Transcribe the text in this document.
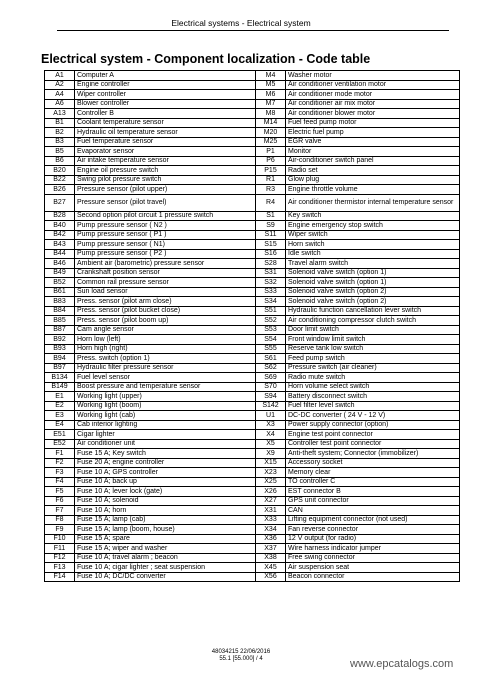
Electrical systems - Electrical system
Electrical system - Component localization - Code table
A1	Computer A	M4	Washer motor
A2	Engine controller	M5	Air conditioner ventilation motor
A4	Wiper controller	M6	Air conditioner mode motor
A6	Blower controller	M7	Air conditioner air mix motor
A13	Controller B	M8	Air conditioner blower motor
B1	Coolant temperature sensor	M14	Fuel feed pump motor
B2	Hydraulic oil temperature sensor	M20	Electric fuel pump
B3	Fuel temperature sensor	M25	EGR valve
B5	Evaporator sensor	P1	Monitor
B6	Air intake temperature sensor	P6	Air-conditioner switch panel
B20	Engine oil pressure switch	P15	Radio set
B22	Swing pilot pressure switch	R1	Glow plug
B26	Pressure sensor (pilot upper)	R3	Engine throttle volume
B27	Pressure sensor (pilot travel)	R4	Air conditioner thermistor internal temperature sensor
B28	Second option pilot circuit 1 pressure switch	S1	Key switch
B40	Pump pressure sensor ( N2 )	S9	Engine emergency stop switch
B42	Pump pressure sensor ( P1 )	S11	Wiper switch
B43	Pump pressure sensor ( N1)	S15	Horn switch
B44	Pump pressure sensor ( P2 )	S16	Idle switch
B46	Ambient air (barometric) pressure sensor	S28	Travel alarm switch
B49	Crankshaft position sensor	S31	Solenoid valve switch (option 1)
B52	Common rail pressure sensor	S32	Solenoid valve switch (option 1)
B61	Sun load sensor	S33	Solenoid valve switch (option 2)
B83	Press. sensor (pilot arm close)	S34	Solenoid valve switch (option 2)
B84	Press. sensor (pilot bucket close)	S51	Hydraulic function cancellation lever switch
B85	Press. sensor (pilot boom up)	S52	Air conditioning compressor clutch switch
B87	Cam angle sensor	S53	Door limit switch
B92	Horn low (left)	S54	Front window limit switch
B93	Horn high (right)	S55	Reserve tank low switch
B94	Press. switch (option 1)	S61	Feed pump switch
B97	Hydraulic filter pressure sensor	S62	Pressure switch (air cleaner)
B134	Fuel level sensor	S69	Radio mute switch
B149	Boost pressure and temperature sensor	S70	Horn volume select switch
E1	Working light (upper)	S94	Battery disconnect switch
E2	Working light (boom)	S142	Fuel filter level switch
E3	Working light (cab)	U1	DC-DC converter ( 24 V - 12 V)
E4	Cab interior lighting	X3	Power supply connector (option)
E51	Cigar lighter	X4	Engine test point connector
E52	Air conditioner unit	X5	Controller test point connector
F1	Fuse 15 A; Key switch	X9	Anti-theft system; Connector (immobilizer)
F2	Fuse 20 A; engine controller	X15	Accessory socket
F3	Fuse 10 A; GPS controller	X23	Memory clear
F4	Fuse 10 A; back up	X25	TO controller C
F5	Fuse 10 A; lever lock (gate)	X26	EST connector B
F6	Fuse 10 A; solenoid	X27	GPS unit connector
F7	Fuse 10 A; horn	X31	CAN
F8	Fuse 15 A; lamp (cab)	X33	Lifting equipment connector (not used)
F9	Fuse 15 A; lamp (boom, house)	X34	Fan reverse connector
F10	Fuse 15 A; spare	X36	12 V output (for radio)
F11	Fuse 15 A; wiper and washer	X37	Wire harness indicator jumper
F12	Fuse 10 A; travel alarm ; beacon	X38	Free swing connector
F13	Fuse 10 A; cigar lighter ; seat suspension	X45	Air suspension seat
F14	Fuse 10 A; DC/DC converter	X56	Beacon connector
48034215 22/06/2016
55.1 [55.000] / 4	www.epcatalogs.com
